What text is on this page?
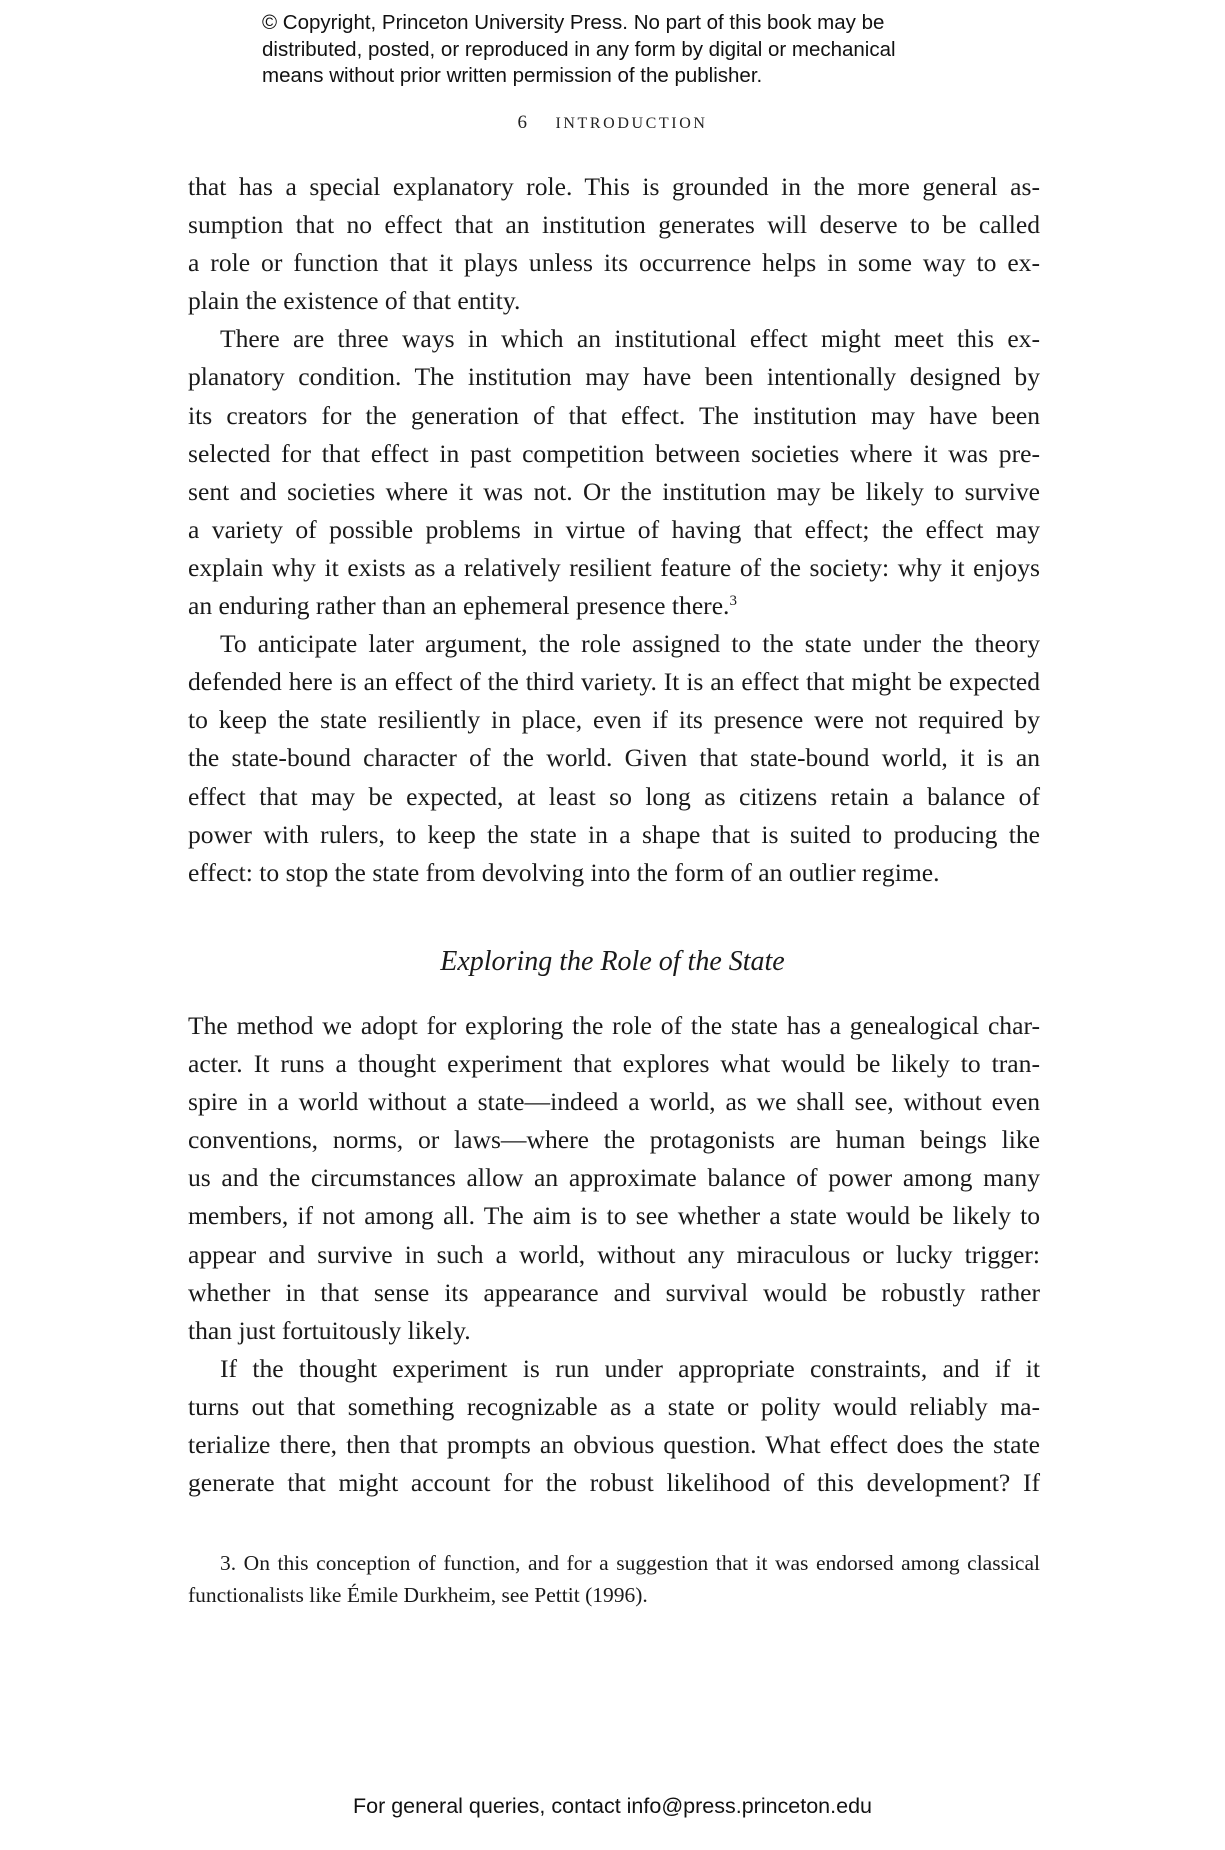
© Copyright, Princeton University Press. No part of this book may be
distributed, posted, or reproduced in any form by digital or mechanical
means without prior written permission of the publisher.
6 INTRODUCTION
that has a special explanatory role. This is grounded in the more general as-
sumption that no effect that an institution generates will deserve to be called
a role or function that it plays unless its occurrence helps in some way to ex-
plain the existence of that entity.
There are three ways in which an institutional effect might meet this ex-
planatory condition. The institution may have been intentionally designed by
its creators for the generation of that effect. The institution may have been
selected for that effect in past competition between societies where it was pre-
sent and societies where it was not. Or the institution may be likely to survive
a variety of possible problems in virtue of having that effect; the effect may
explain why it exists as a relatively resilient feature of the society: why it enjoys
an enduring rather than an ephemeral presence there.$^3$
To anticipate later argument, the role assigned to the state under the theory
defended here is an effect of the third variety. It is an effect that might be expected
to keep the state resiliently in place, even if its presence were not required by
the state-bound character of the world. Given that state-bound world, it is an
effect that may be expected, at least so long as citizens retain a balance of
power with rulers, to keep the state in a shape that is suited to producing the
effect: to stop the state from devolving into the form of an outlier regime.
Exploring the Role of the State
The method we adopt for exploring the role of the state has a genealogical char-
acter. It runs a thought experiment that explores what would be likely to tran-
spire in a world without a state—indeed a world, as we shall see, without even
conventions, norms, or laws—where the protagonists are human beings like
us and the circumstances allow an approximate balance of power among many
members, if not among all. The aim is to see whether a state would be likely to
appear and survive in such a world, without any miraculous or lucky trigger:
whether in that sense its appearance and survival would be robustly rather
than just fortuitously likely.
If the thought experiment is run under appropriate constraints, and if it
turns out that something recognizable as a state or polity would reliably ma-
terialize there, then that prompts an obvious question. What effect does the state
generate that might account for the robust likelihood of this development? If
3. On this conception of function, and for a suggestion that it was endorsed among classical
functionalists like Émile Durkheim, see Pettit (1996).
For general queries, contact info@press.princeton.edu
